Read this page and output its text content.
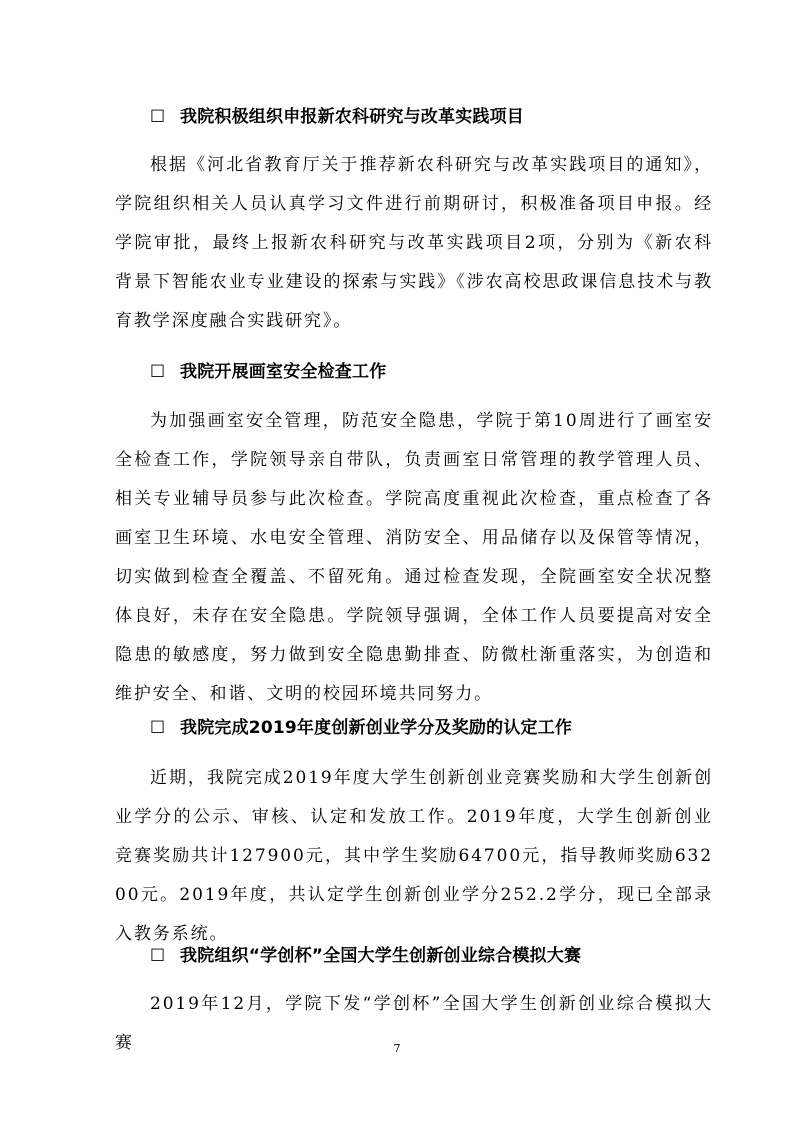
□ 我院积极组织申报新农科研究与改革实践项目
根据《河北省教育厅关于推荐新农科研究与改革实践项目的通知》，学院组织相关人员认真学习文件进行前期研讨，积极准备项目申报。经学院审批，最终上报新农科研究与改革实践项目2项，分别为《新农科背景下智能农业专业建设的探索与实践》《涉农高校思政课信息技术与教育教学深度融合实践研究》。
□ 我院开展画室安全检查工作
为加强画室安全管理，防范安全隐患，学院于第10周进行了画室安全检查工作，学院领导亲自带队，负责画室日常管理的教学管理人员、相关专业辅导员参与此次检查。学院高度重视此次检查，重点检查了各画室卫生环境、水电安全管理、消防安全、用品储存以及保管等情况，切实做到检查全覆盖、不留死角。通过检查发现，全院画室安全状况整体良好，未存在安全隐患。学院领导强调，全体工作人员要提高对安全隐患的敏感度，努力做到安全隐患勤排查、防微杜渐重落实，为创造和维护安全、和谐、文明的校园环境共同努力。
□ 我院完成2019年度创新创业学分及奖励的认定工作
近期，我院完成2019年度大学生创新创业竞赛奖励和大学生创新创业学分的公示、审核、认定和发放工作。2019年度，大学生创新创业竞赛奖励共计127900元，其中学生奖励64700元，指导教师奖励63200元。2019年度，共认定学生创新创业学分252.2学分，现已全部录入教务系统。
□ 我院组织“学创杯”全国大学生创新创业综合模拟大赛
2019年12月，学院下发“学创杯”全国大学生创新创业综合模拟大赛	7
